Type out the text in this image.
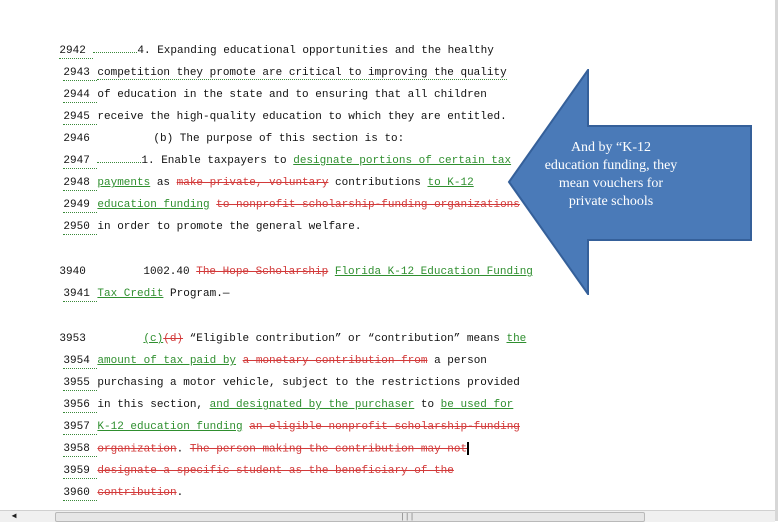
2942	4. Expanding educational opportunities and the healthy

2943 competition they promote are critical to improving the quality

2944 of education in the state and to ensuring that all children

2945 receive the high-quality education to which they are entitled.

2946	(b) The purpose of this section is to:

2947	1. Enable taxpayers to designate portions of certain tax

2948 payments as make private, voluntary contributions to K-12

2949 education funding to nonprofit scholarship-funding organizations

2950 in order to promote the general welfare.

3940	1002.40 The Hope Scholarship Florida K-12 Education Funding

3941 Tax Credit Program.—

3953	(c)(d) “Eligible contribution” or “contribution” means the

3954 amount of tax paid by a monetary contribution from a person

3955 purchasing a motor vehicle, subject to the restrictions provided

3956 in this section, and designated by the purchaser to be used for

3957 K-12 education funding an eligible nonprofit scholarship-funding

3958 organization. The person making the contribution may not

3959 designate a specific student as the beneficiary of the

3960 contribution.

And by “K-12 education funding, they mean vouchers for private schools
◀	|||
